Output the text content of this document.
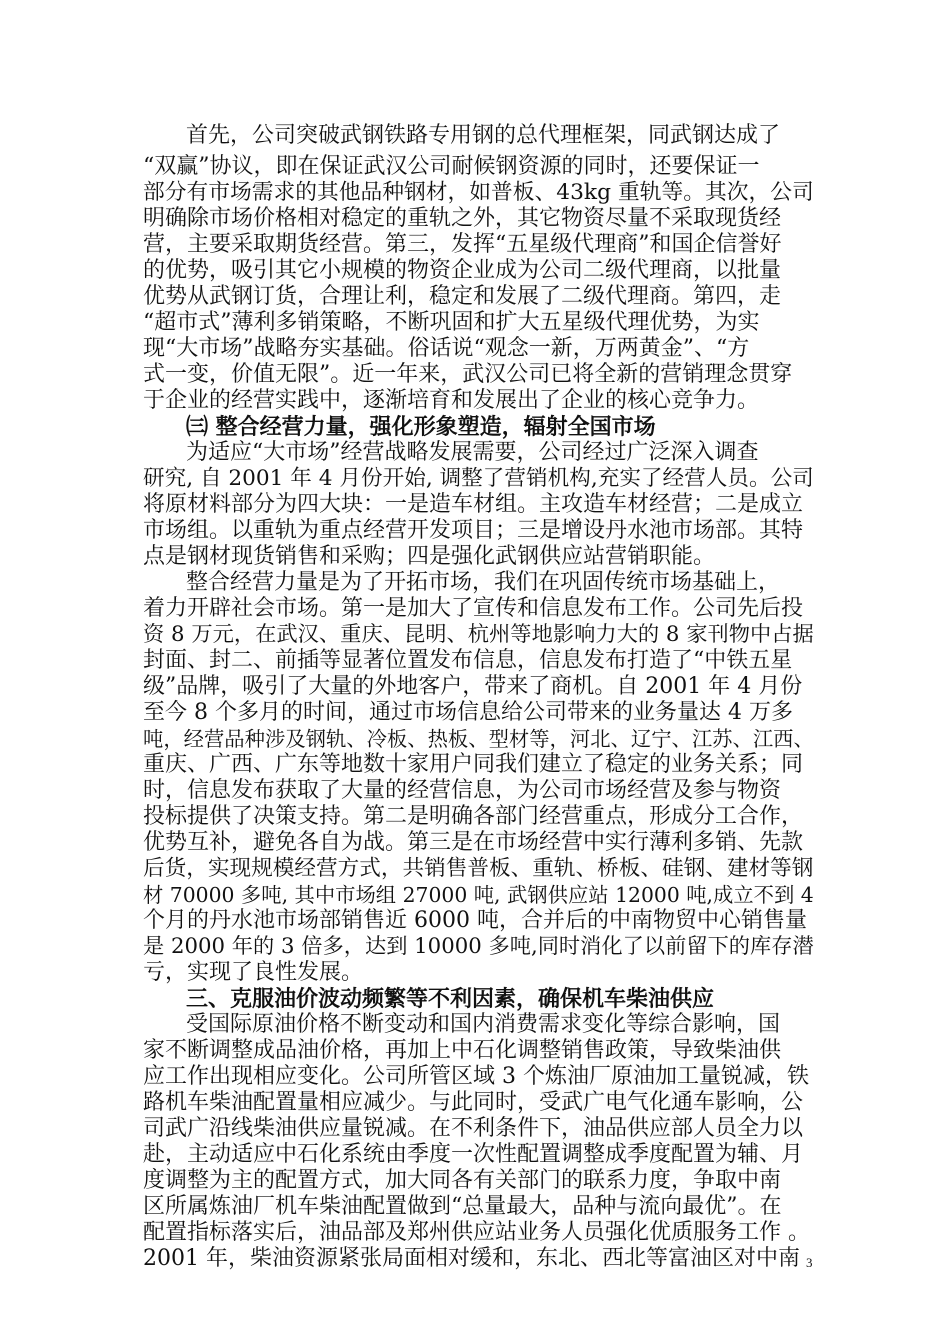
首先，公司突破武钢铁路专用钢的总代理框架，同武钢达成了
“双赢”协议，即在保证武汉公司耐候钢资源的同时，还要保证一
部分有市场需求的其他品种钢材，如普板、43kg 重轨等。其次，公司
明确除市场价格相对稳定的重轨之外，其它物资尽量不采取现货经
营，主要采取期货经营。第三，发挥“五星级代理商”和国企信誉好
的优势，吸引其它小规模的物资企业成为公司二级代理商，以批量
优势从武钢订货，合理让利，稳定和发展了二级代理商。第四，走
“超市式”薄利多销策略，不断巩固和扩大五星级代理优势，为实
现“大市场”战略夯实基础。俗话说“观念一新，万两黄金”、“方
式一变，价值无限”。近一年来，武汉公司已将全新的营销理念贯穿
于企业的经营实践中，逐渐培育和发展出了企业的核心竞争力。
㈢ 整合经营力量，强化形象塑造，辐射全国市场
为适应“大市场”经营战略发展需要，公司经过广泛深入调查
研究, 自 2001 年 4 月份开始, 调整了营销机构,充实了经营人员。公司
将原材料部分为四大块：一是造车材组。主攻造车材经营；二是成立
市场组。以重轨为重点经营开发项目；三是增设丹水池市场部。其特
点是钢材现货销售和采购；四是强化武钢供应站营销职能。
整合经营力量是为了开拓市场，我们在巩固传统市场基础上，
着力开辟社会市场。第一是加大了宣传和信息发布工作。公司先后投
资 8 万元，在武汉、重庆、昆明、杭州等地影响力大的 8 家刊物中占据
封面、封二、前插等显著位置发布信息，信息发布打造了“中铁五星
级”品牌，吸引了大量的外地客户，带来了商机。自 2001 年 4 月份
至今 8 个多月的时间，通过市场信息给公司带来的业务量达 4 万多
吨，经营品种涉及钢轨、冷板、热板、型材等，河北、辽宁、江苏、江西、
重庆、广西、广东等地数十家用户同我们建立了稳定的业务关系；同
时，信息发布获取了大量的经营信息，为公司市场经营及参与物资
投标提供了决策支持。第二是明确各部门经营重点，形成分工合作，
优势互补，避免各自为战。第三是在市场经营中实行薄利多销、先款
后货，实现规模经营方式，共销售普板、重轨、桥板、硅钢、建材等钢
材 70000 多吨, 其中市场组 27000 吨, 武钢供应站 12000 吨,成立不到 4
个月的丹水池市场部销售近 6000 吨，合并后的中南物贸中心销售量
是 2000 年的 3 倍多，达到 10000 多吨,同时消化了以前留下的库存潜
亏，实现了良性发展。
三、克服油价波动频繁等不利因素，确保机车柴油供应
受国际原油价格不断变动和国内消费需求变化等综合影响，国
家不断调整成品油价格，再加上中石化调整销售政策，导致柴油供
应工作出现相应变化。公司所管区域 3 个炼油厂原油加工量锐减，铁
路机车柴油配置量相应减少。与此同时，受武广电气化通车影响，公
司武广沿线柴油供应量锐减。在不利条件下，油品供应部人员全力以
赴，主动适应中石化系统由季度一次性配置调整成季度配置为辅、月
度调整为主的配置方式，加大同各有关部门的联系力度，争取中南
区所属炼油厂机车柴油配置做到“总量最大，品种与流向最优”。在
配置指标落实后，油品部及郑州供应站业务人员强化优质服务工作 。
2001 年，柴油资源紧张局面相对缓和，东北、西北等富油区对中南 3
